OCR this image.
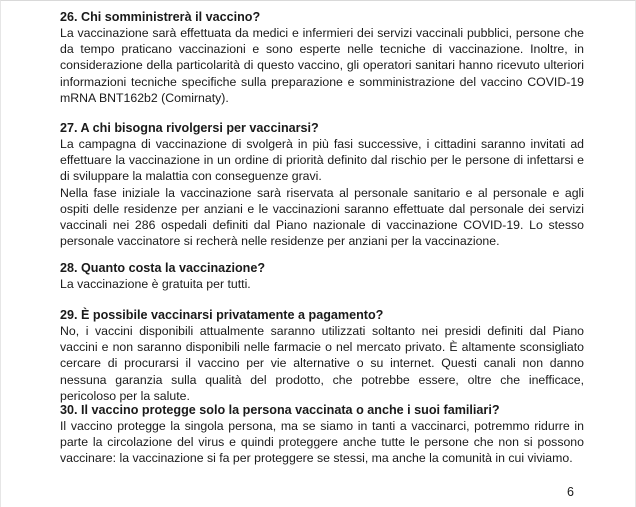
26. Chi somministrerà il vaccino?

La vaccinazione sarà effettuata da medici e infermieri dei servizi vaccinali pubblici, persone che da tempo praticano vaccinazioni e sono esperte nelle tecniche di vaccinazione. Inoltre, in considerazione della particolarità di questo vaccino, gli operatori sanitari hanno ricevuto ulteriori informazioni tecniche specifiche sulla preparazione e somministrazione del vaccino COVID-19 mRNA BNT162b2 (Comirnaty).

27. A chi bisogna rivolgersi per vaccinarsi?

La campagna di vaccinazione di svolgerà in più fasi successive, i cittadini saranno invitati ad effettuare la vaccinazione in un ordine di priorità definito dal rischio per le persone di infettarsi e di sviluppare la malattia con conseguenze gravi.

Nella fase iniziale la vaccinazione sarà riservata al personale sanitario e al personale e agli ospiti delle residenze per anziani e le vaccinazioni saranno effettuate dal personale dei servizi vaccinali nei 286 ospedali definiti dal Piano nazionale di vaccinazione COVID-19. Lo stesso personale vaccinatore si recherà nelle residenze per anziani per la vaccinazione.

28. Quanto costa la vaccinazione?

La vaccinazione è gratuita per tutti.

29. È possibile vaccinarsi privatamente a pagamento?

No, i vaccini disponibili attualmente saranno utilizzati soltanto nei presidi definiti dal Piano vaccini e non saranno disponibili nelle farmacie o nel mercato privato. È altamente sconsigliato cercare di procurarsi il vaccino per vie alternative o su internet. Questi canali non danno nessuna garanzia sulla qualità del prodotto, che potrebbe essere, oltre che inefficace, pericoloso per la salute.

30. Il vaccino protegge solo la persona vaccinata o anche i suoi familiari?

Il vaccino protegge la singola persona, ma se siamo in tanti a vaccinarci, potremmo ridurre in parte la circolazione del virus e quindi proteggere anche tutte le persone che non si possono vaccinare: la vaccinazione si fa per proteggere se stessi, ma anche la comunità in cui viviamo.

6
